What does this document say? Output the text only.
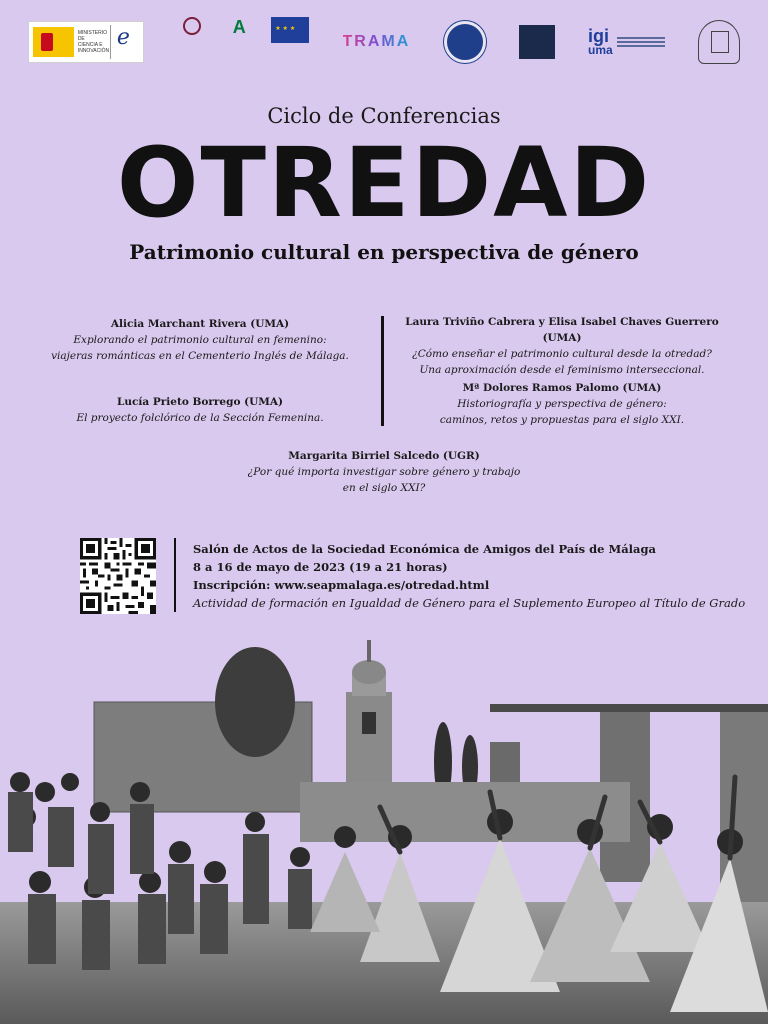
MINISTERIO DE CIENCIA E INNOVACIÓN
e
A
★ ★ ★
TRAMA	igi
uma
Ciclo de Conferencias
OTREDAD
Patrimonio cultural en perspectiva de género
Alicia Marchant Rivera (UMA)
Explorando el patrimonio cultural en femenino:
viajeras románticas en el Cementerio Inglés de Málaga.
Laura Triviño Cabrera y Elisa Isabel Chaves Guerrero (UMA)
¿Cómo enseñar el patrimonio cultural desde la otredad?
Una aproximación desde el feminismo interseccional.
Lucía Prieto Borrego (UMA)
El proyecto folclórico de la Sección Femenina.
Mª Dolores Ramos Palomo (UMA)
Historiografía y perspectiva de género:
caminos, retos y propuestas para el siglo XXI.
Margarita Birriel Salcedo (UGR)
¿Por qué importa investigar sobre género y trabajo
en el siglo XXI?
Salón de Actos de la Sociedad Económica de Amigos del País de Málaga
8 a 16 de mayo de 2023 (19 a 21 horas)
Inscripción: www.seapmalaga.es/otredad.html
Actividad de formación en Igualdad de Género para el Suplemento Europeo al Título de Grado
